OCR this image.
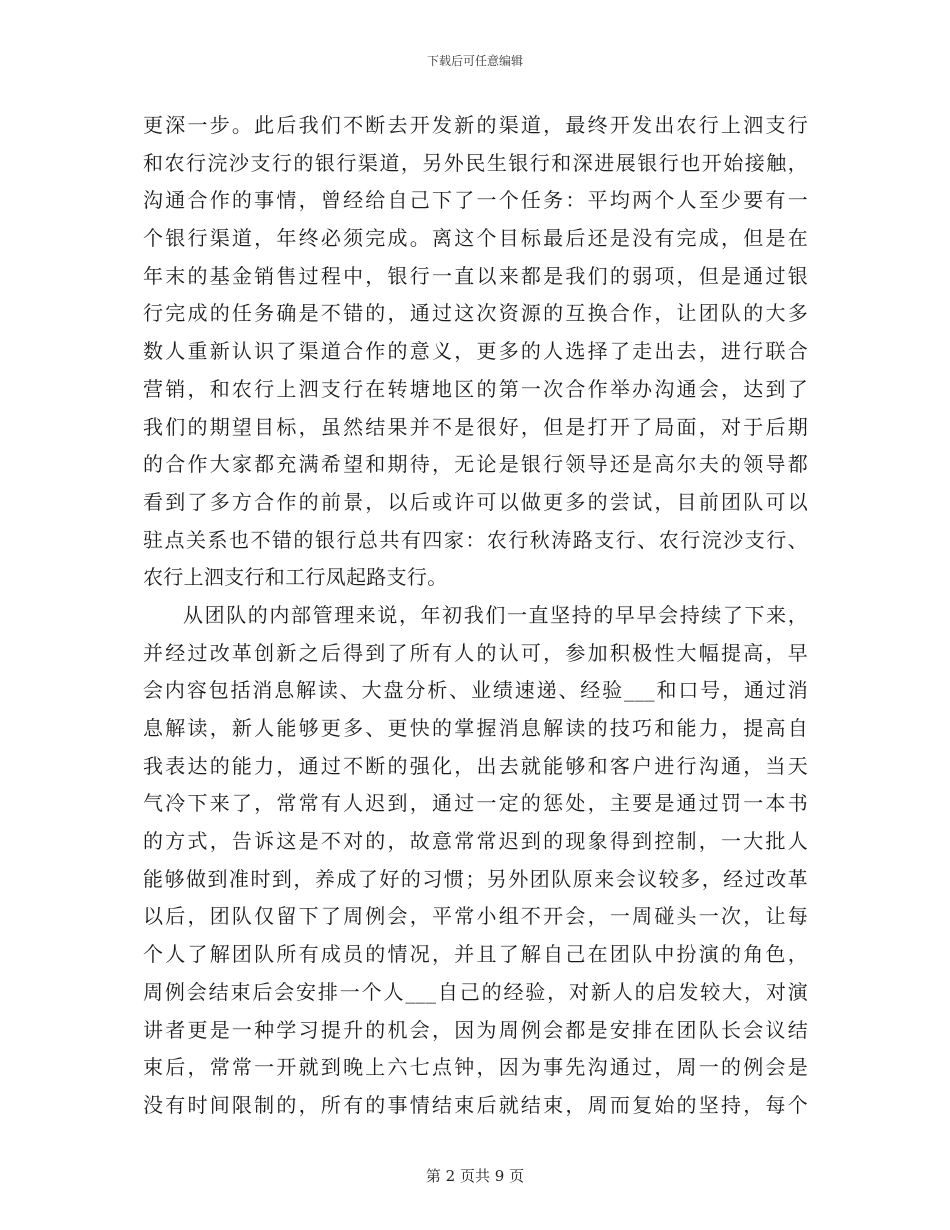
下载后可任意编辑
更深一步。此后我们不断去开发新的渠道，最终开发出农行上泗支行
和农行浣沙支行的银行渠道，另外民生银行和深进展银行也开始接触，
沟通合作的事情，曾经给自己下了一个任务：平均两个人至少要有一
个银行渠道，年终必须完成。离这个目标最后还是没有完成，但是在
年末的基金销售过程中，银行一直以来都是我们的弱项，但是通过银
行完成的任务确是不错的，通过这次资源的互换合作，让团队的大多
数人重新认识了渠道合作的意义，更多的人选择了走出去，进行联合
营销，和农行上泗支行在转塘地区的第一次合作举办沟通会，达到了
我们的期望目标，虽然结果并不是很好，但是打开了局面，对于后期
的合作大家都充满希望和期待，无论是银行领导还是高尔夫的领导都
看到了多方合作的前景，以后或许可以做更多的尝试，目前团队可以
驻点关系也不错的银行总共有四家：农行秋涛路支行、农行浣沙支行、
农行上泗支行和工行凤起路支行。
从团队的内部管理来说，年初我们一直坚持的早早会持续了下来，
并经过改革创新之后得到了所有人的认可，参加积极性大幅提高，早
会内容包括消息解读、大盘分析、业绩速递、经验___和口号，通过消
息解读，新人能够更多、更快的掌握消息解读的技巧和能力，提高自
我表达的能力，通过不断的强化，出去就能够和客户进行沟通，当天
气冷下来了，常常有人迟到，通过一定的惩处，主要是通过罚一本书
的方式，告诉这是不对的，故意常常迟到的现象得到控制，一大批人
能够做到准时到，养成了好的习惯；另外团队原来会议较多，经过改革
以后，团队仅留下了周例会，平常小组不开会，一周碰头一次，让每
个人了解团队所有成员的情况，并且了解自己在团队中扮演的角色，
周例会结束后会安排一个人___自己的经验，对新人的启发较大，对演
讲者更是一种学习提升的机会，因为周例会都是安排在团队长会议结
束后，常常一开就到晚上六七点钟，因为事先沟通过，周一的例会是
没有时间限制的，所有的事情结束后就结束，周而复始的坚持，每个
第 2 页共 9 页
